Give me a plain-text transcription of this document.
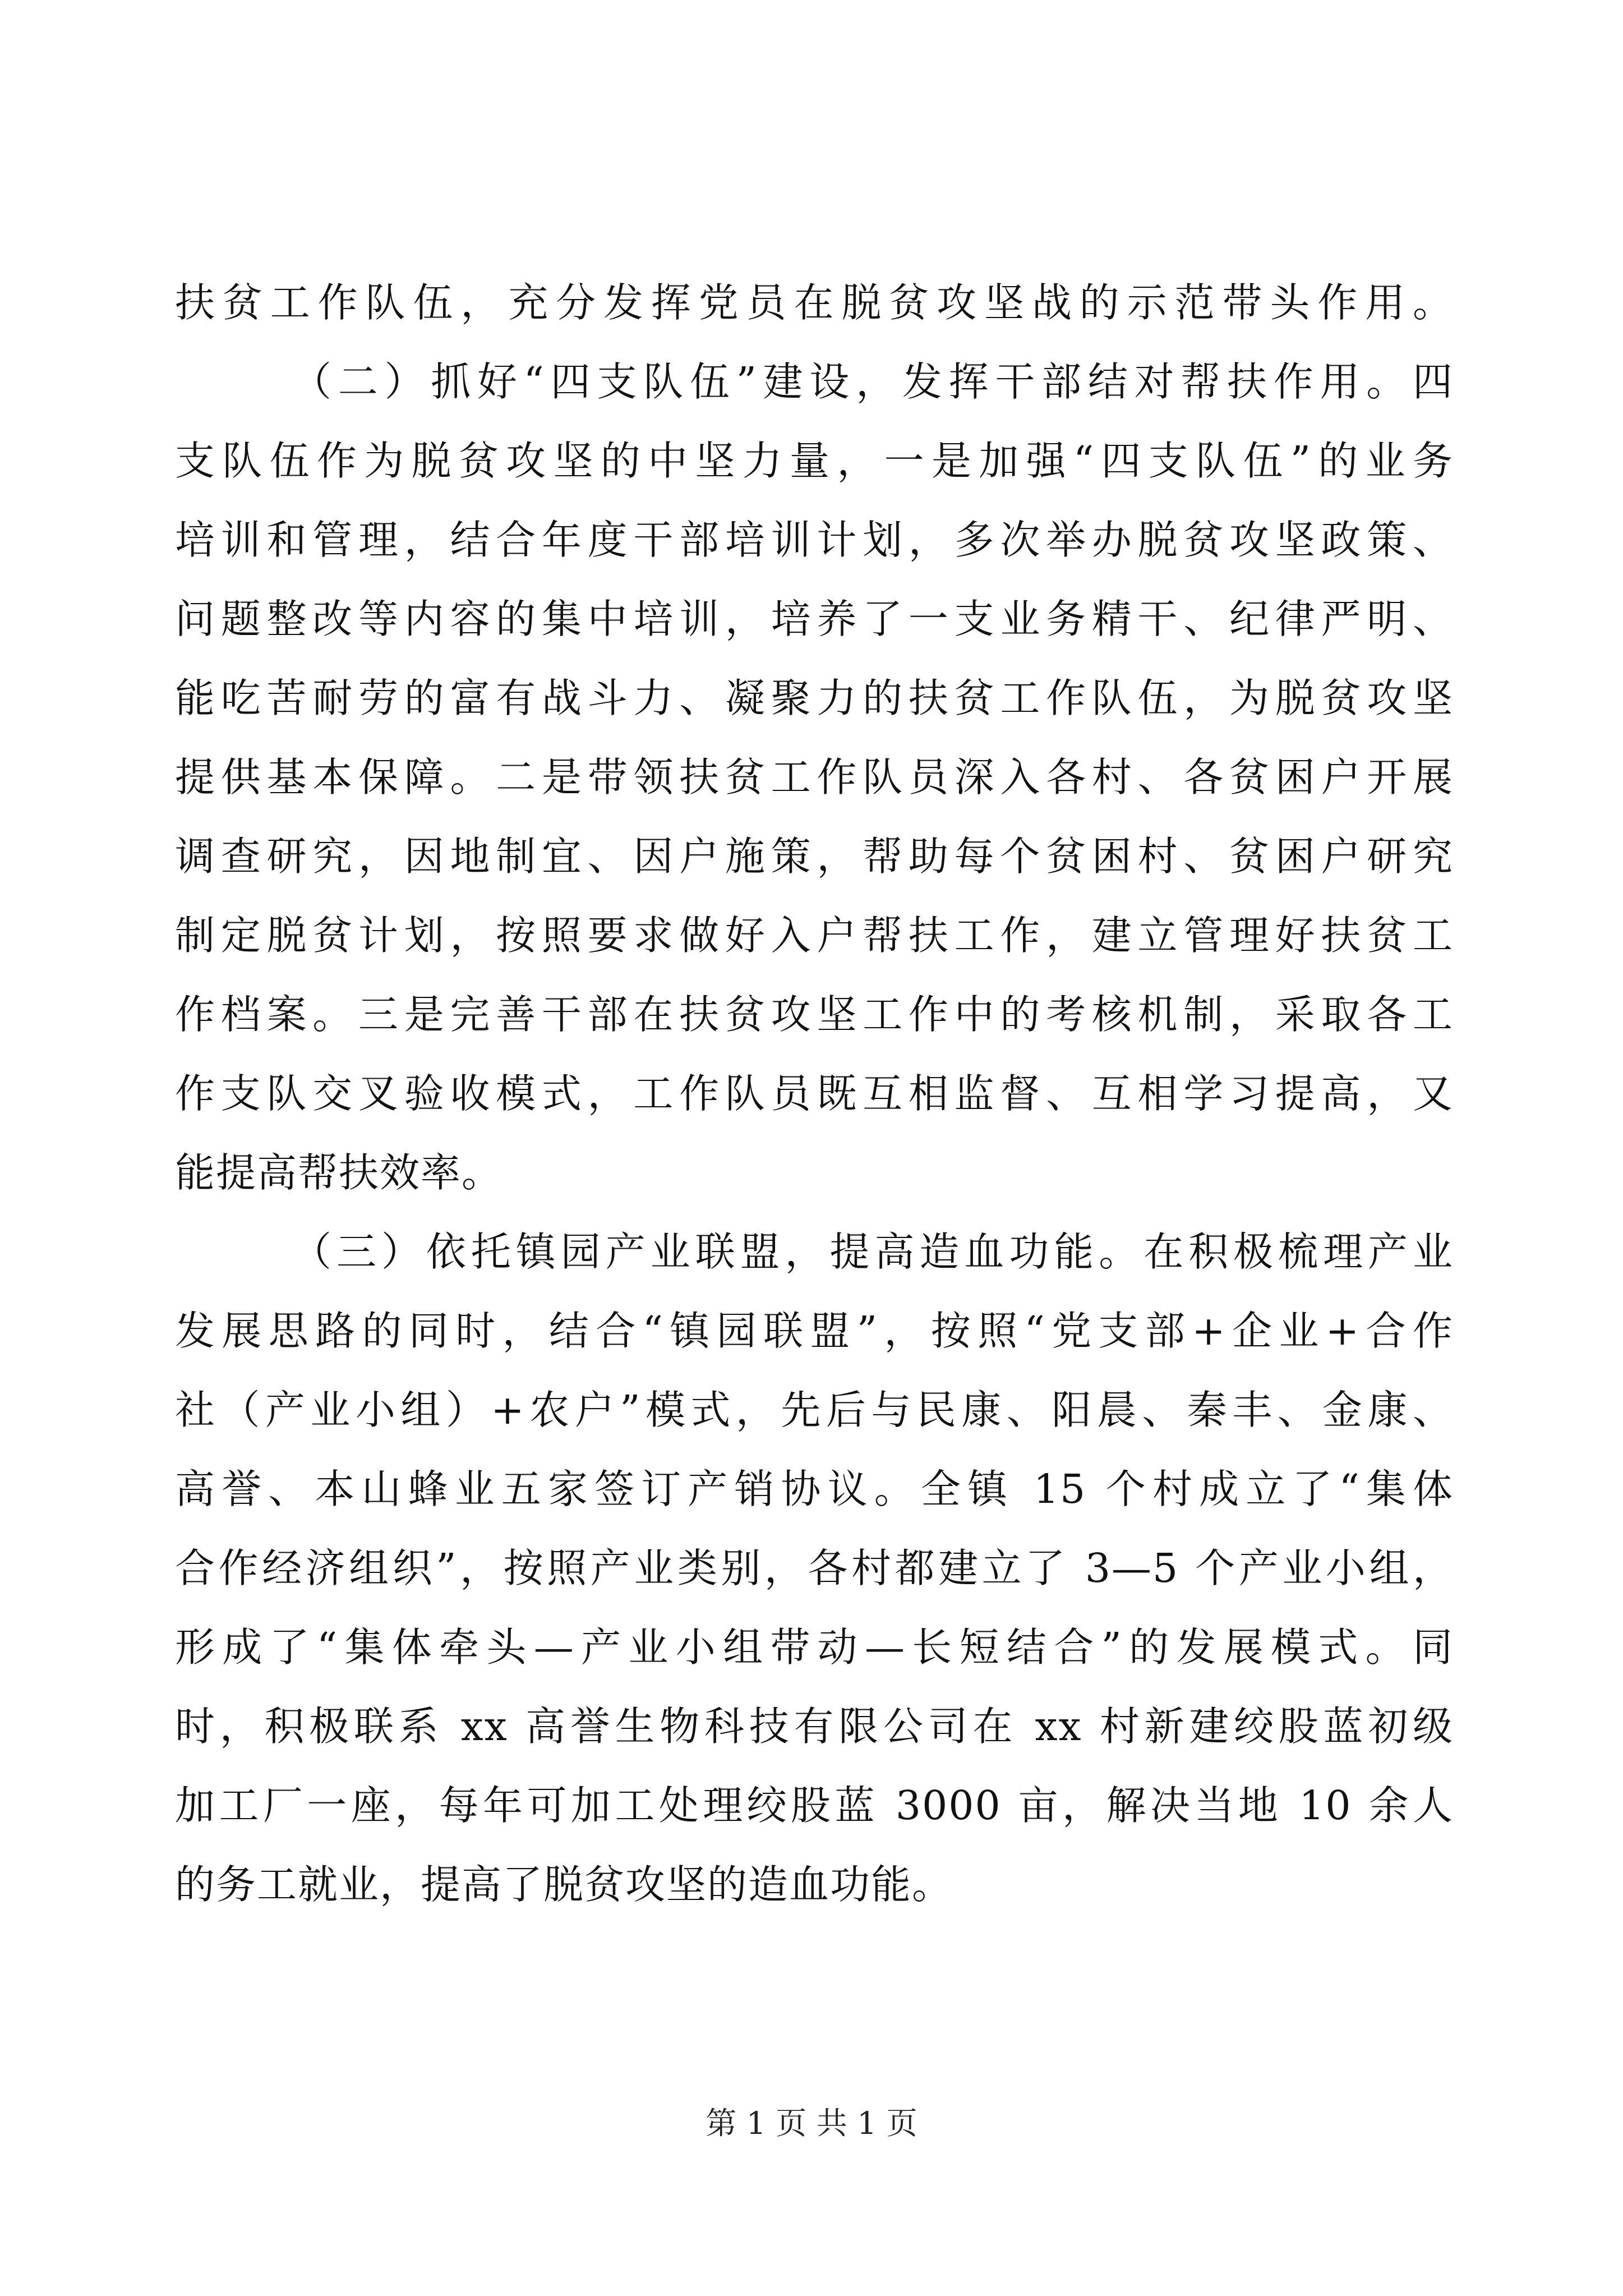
扶贫工作队伍，充分发挥党员在脱贫攻坚战的示范带头作用。
（二）抓好“四支队伍”建设，发挥干部结对帮扶作用。四
支队伍作为脱贫攻坚的中坚力量，一是加强“四支队伍”的业务
培训和管理，结合年度干部培训计划，多次举办脱贫攻坚政策、
问题整改等内容的集中培训，培养了一支业务精干、纪律严明、
能吃苦耐劳的富有战斗力、凝聚力的扶贫工作队伍，为脱贫攻坚
提供基本保障。二是带领扶贫工作队员深入各村、各贫困户开展
调查研究，因地制宜、因户施策，帮助每个贫困村、贫困户研究
制定脱贫计划，按照要求做好入户帮扶工作，建立管理好扶贫工
作档案。三是完善干部在扶贫攻坚工作中的考核机制，采取各工
作支队交叉验收模式，工作队员既互相监督、互相学习提高，又
能提高帮扶效率。
（三）依托镇园产业联盟，提高造血功能。在积极梳理产业
发展思路的同时，结合“镇园联盟”，按照“党支部+企业+合作
社（产业小组）+农户”模式，先后与民康、阳晨、秦丰、金康、
高誉、本山蜂业五家签订产销协议。全镇 15 个村成立了“集体
合作经济组织”，按照产业类别，各村都建立了 3—5 个产业小组，
形成了“集体牵头—产业小组带动—长短结合”的发展模式。同
时，积极联系 xx 高誉生物科技有限公司在 xx 村新建绞股蓝初级
加工厂一座，每年可加工处理绞股蓝 3000 亩，解决当地 10 余人
的务工就业，提高了脱贫攻坚的造血功能。
第 1 页 共 1 页
